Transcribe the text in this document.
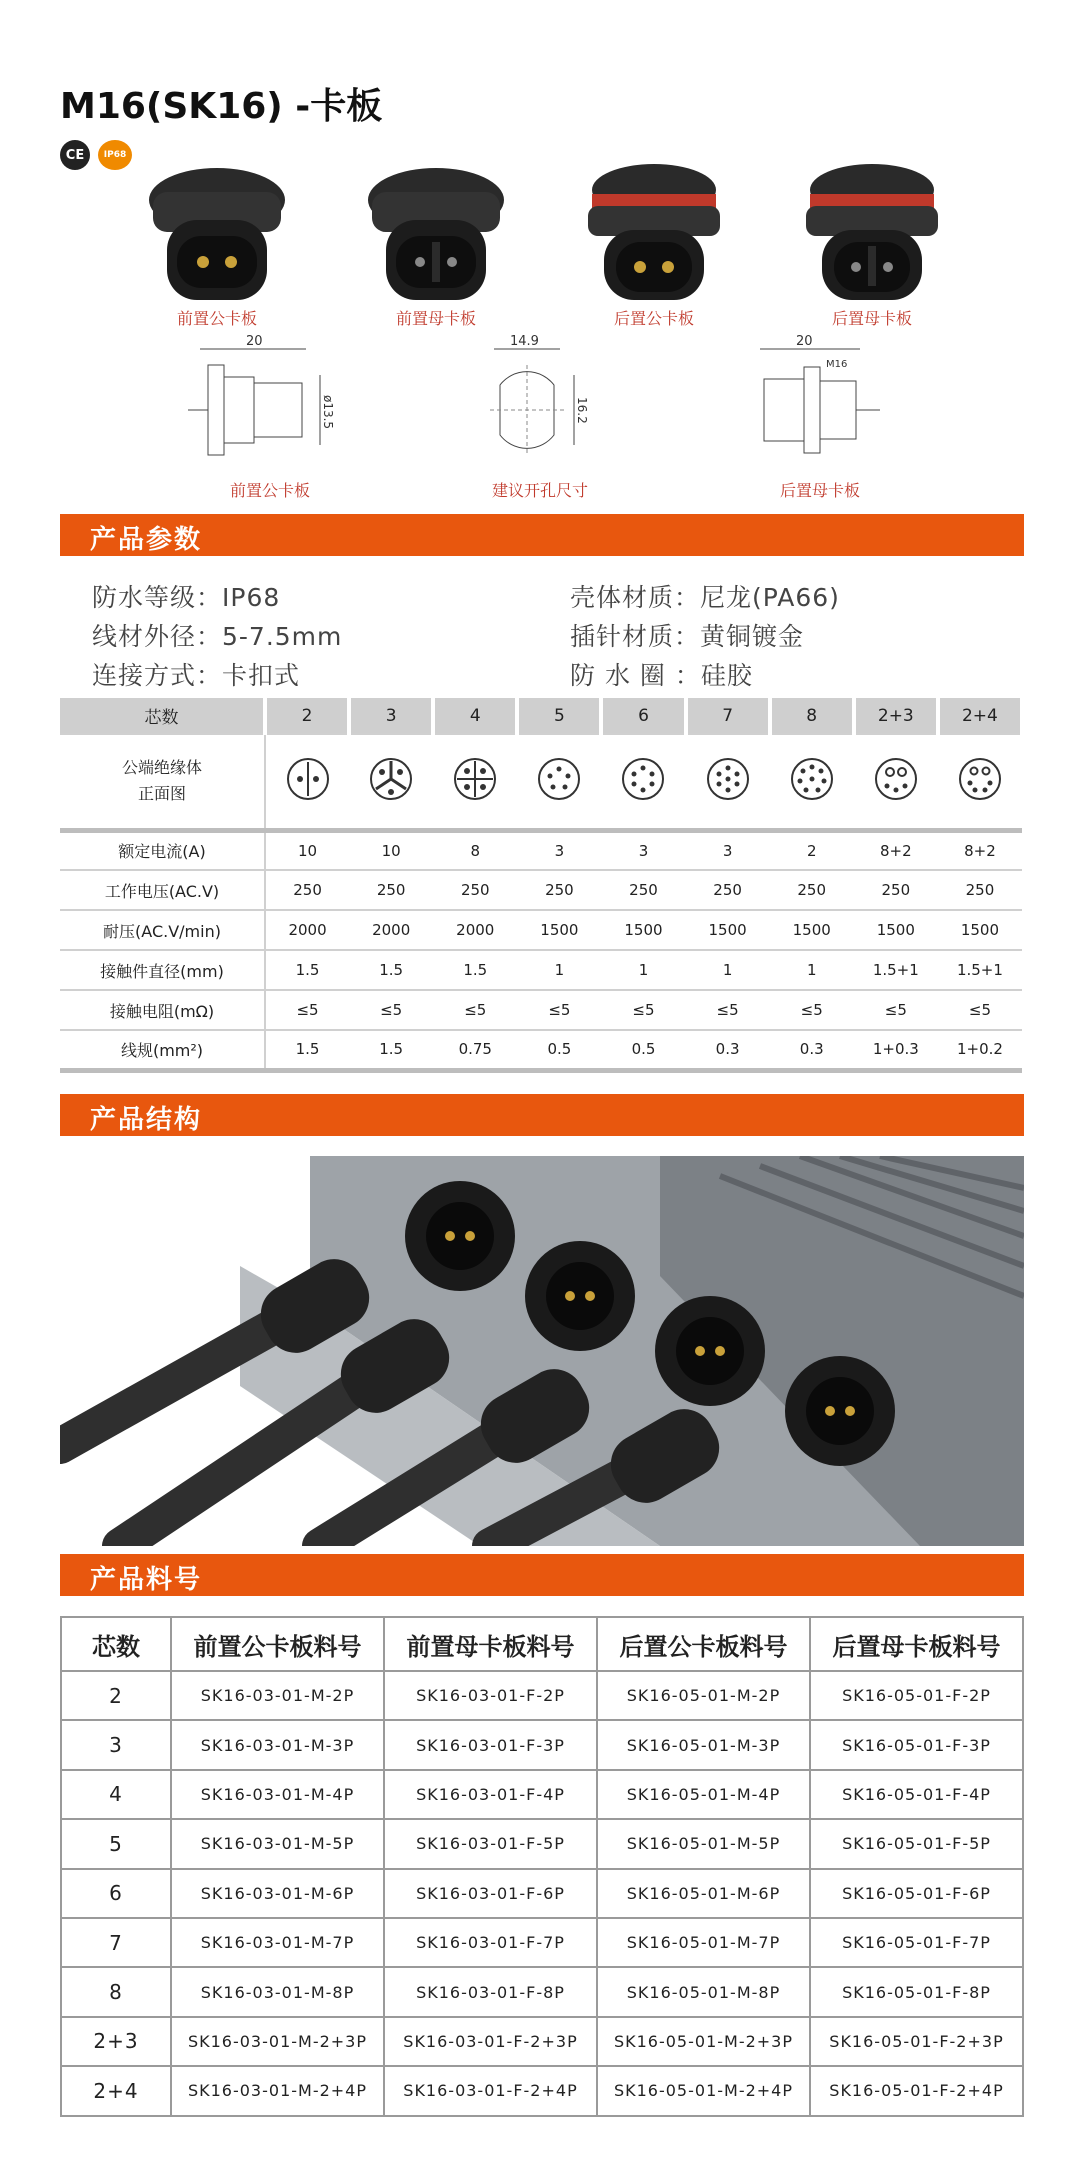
M16(SK16) -卡板
CE	IP68
前置公卡板	前置母卡板	后置公卡板	后置母卡板
20
ø13.5
14.9
16.2
20
M16
前置公卡板	建议开孔尺寸	后置母卡板
产品参数
防水等级：IP68
线材外径：5-7.5mm
连接方式：卡扣式
壳体材质：尼龙(PA66)
插针材质：黄铜镀金
防 水 圈 ：硅胶
芯数	2	3	4	5	6	7	8	2+3	2+4

公端绝缘体
正面图

额定电流(A)	10	10	8	3	3	3	2	8+2	8+2
工作电压(AC.V)	250	250	250	250	250	250	250	250	250
耐压(AC.V/min)	2000	2000	2000	1500	1500	1500	1500	1500	1500
接触件直径(mm)	1.5	1.5	1.5	1	1	1	1	1.5+1	1.5+1
接触电阻(mΩ)	≤5	≤5	≤5	≤5	≤5	≤5	≤5	≤5	≤5
线规(mm²)	1.5	1.5	0.75	0.5	0.5	0.3	0.3	1+0.3	1+0.2
产品结构
产品料号
芯数	前置公卡板料号	前置母卡板料号	后置公卡板料号	后置母卡板料号
2	SK16-03-01-M-2P	SK16-03-01-F-2P	SK16-05-01-M-2P	SK16-05-01-F-2P
3	SK16-03-01-M-3P	SK16-03-01-F-3P	SK16-05-01-M-3P	SK16-05-01-F-3P
4	SK16-03-01-M-4P	SK16-03-01-F-4P	SK16-05-01-M-4P	SK16-05-01-F-4P
5	SK16-03-01-M-5P	SK16-03-01-F-5P	SK16-05-01-M-5P	SK16-05-01-F-5P
6	SK16-03-01-M-6P	SK16-03-01-F-6P	SK16-05-01-M-6P	SK16-05-01-F-6P
7	SK16-03-01-M-7P	SK16-03-01-F-7P	SK16-05-01-M-7P	SK16-05-01-F-7P
8	SK16-03-01-M-8P	SK16-03-01-F-8P	SK16-05-01-M-8P	SK16-05-01-F-8P
2+3	SK16-03-01-M-2+3P	SK16-03-01-F-2+3P	SK16-05-01-M-2+3P	SK16-05-01-F-2+3P
2+4	SK16-03-01-M-2+4P	SK16-03-01-F-2+4P	SK16-05-01-M-2+4P	SK16-05-01-F-2+4P
